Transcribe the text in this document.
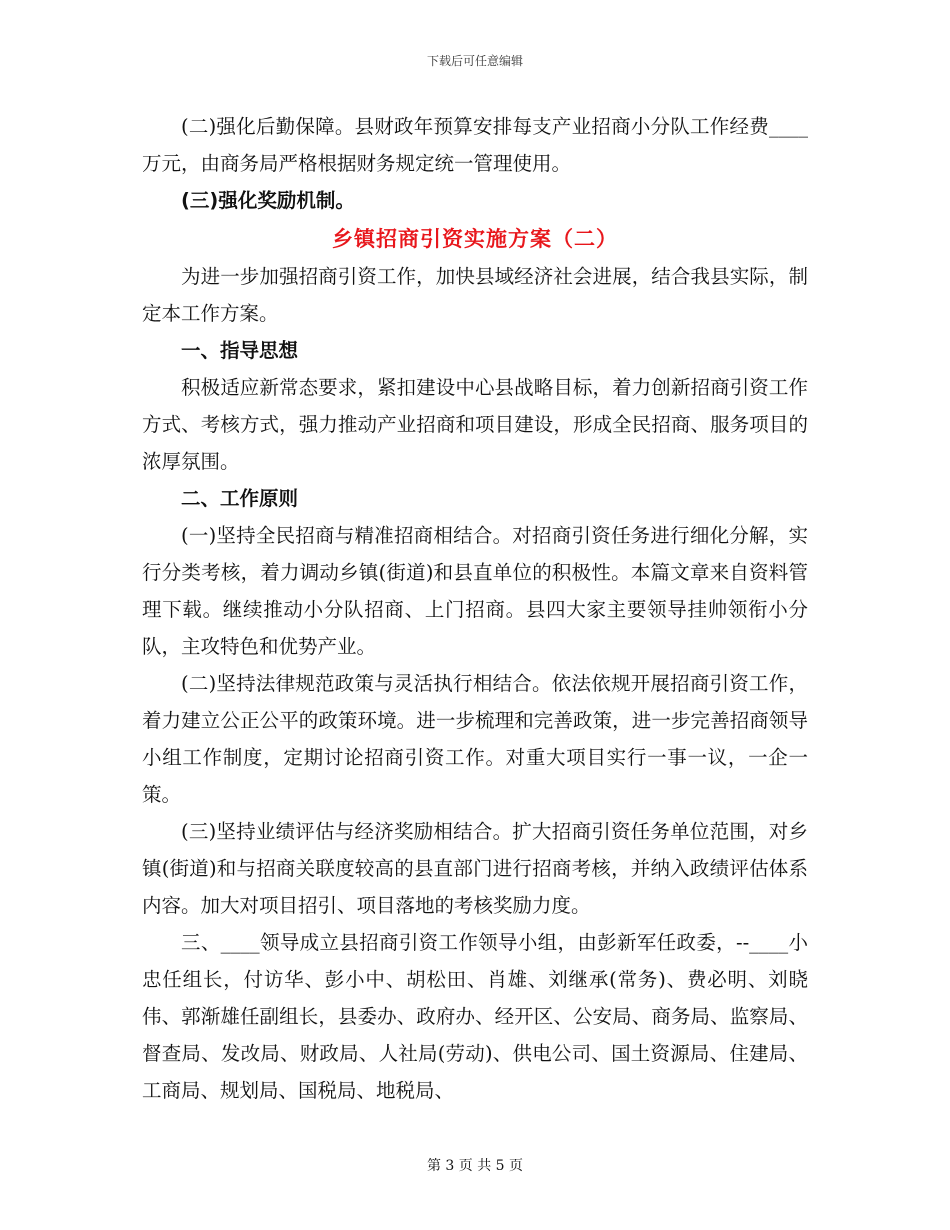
下载后可任意编辑

(二)强化后勤保障。县财政年预算安排每支产业招商小分队工作经费____万元，由商务局严格根据财务规定统一管理使用。

(三)强化奖励机制。

乡镇招商引资实施方案（二）

为进一步加强招商引资工作，加快县域经济社会进展，结合我县实际，制定本工作方案。

一、指导思想

积极适应新常态要求，紧扣建设中心县战略目标，着力创新招商引资工作方式、考核方式，强力推动产业招商和项目建设，形成全民招商、服务项目的浓厚氛围。

二、工作原则

(一)坚持全民招商与精准招商相结合。对招商引资任务进行细化分解，实行分类考核，着力调动乡镇(街道)和县直单位的积极性。本篇文章来自资料管理下载。继续推动小分队招商、上门招商。县四大家主要领导挂帅领衔小分队，主攻特色和优势产业。

(二)坚持法律规范政策与灵活执行相结合。依法依规开展招商引资工作，着力建立公正公平的政策环境。进一步梳理和完善政策，进一步完善招商领导小组工作制度，定期讨论招商引资工作。对重大项目实行一事一议，一企一策。

(三)坚持业绩评估与经济奖励相结合。扩大招商引资任务单位范围，对乡镇(街道)和与招商关联度较高的县直部门进行招商考核，并纳入政绩评估体系内容。加大对项目招引、项目落地的考核奖励力度。

三、____领导成立县招商引资工作领导小组，由彭新军任政委，--____小忠任组长，付访华、彭小中、胡松田、肖雄、刘继承(常务)、费必明、刘晓伟、郭渐雄任副组长，县委办、政府办、经开区、公安局、商务局、监察局、督查局、发改局、财政局、人社局(劳动)、供电公司、国土资源局、住建局、工商局、规划局、国税局、地税局、

第 3 页 共 5 页
